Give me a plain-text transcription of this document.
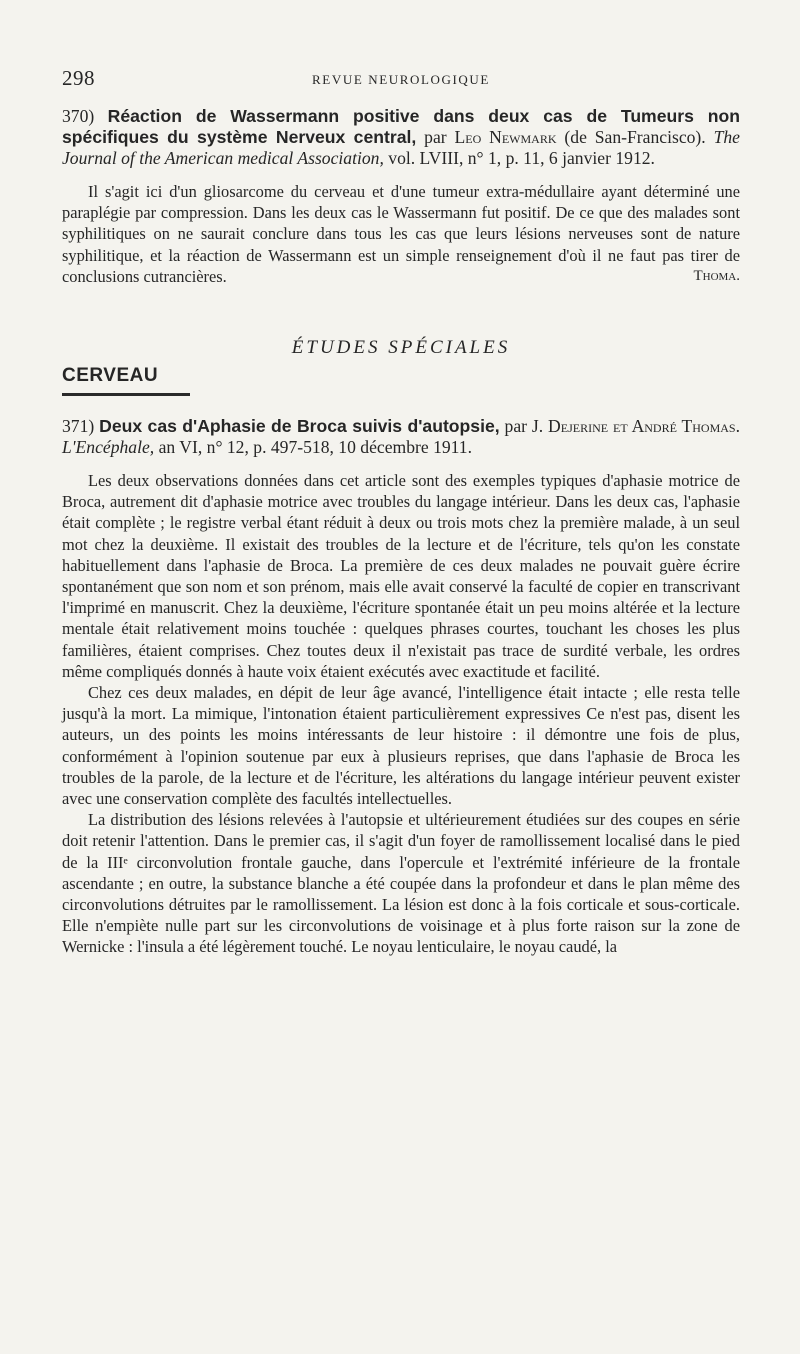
298	REVUE NEUROLOGIQUE
370) Réaction de Wassermann positive dans deux cas de Tumeurs non spécifiques du système Nerveux central, par Leo Newmark (de San-Francisco). The Journal of the American medical Association, vol. LVIII, n° 1, p. 11, 6 janvier 1912.

Il s'agit ici d'un gliosarcome du cerveau et d'une tumeur extra-médullaire ayant déterminé une paraplégie par compression. Dans les deux cas le Wassermann fut positif. De ce que des malades sont syphilitiques on ne saurait conclure dans tous les cas que leurs lésions nerveuses sont de nature syphilitique, et la réaction de Wassermann est un simple renseignement d'où il ne faut pas tirer de conclusions cutrancières.	Thoma.
ÉTUDES SPÉCIALES
CERVEAU
371) Deux cas d'Aphasie de Broca suivis d'autopsie, par J. Dejerine et André Thomas. L'Encéphale, an VI, n° 12, p. 497-518, 10 décembre 1911.

Les deux observations données dans cet article sont des exemples typiques d'aphasie motrice de Broca, autrement dit d'aphasie motrice avec troubles du langage intérieur. Dans les deux cas, l'aphasie était complète ; le registre verbal étant réduit à deux ou trois mots chez la première malade, à un seul mot chez la deuxième. Il existait des troubles de la lecture et de l'écriture, tels qu'on les constate habituellement dans l'aphasie de Broca. La première de ces deux malades ne pouvait guère écrire spontanément que son nom et son prénom, mais elle avait conservé la faculté de copier en transcrivant l'imprimé en manuscrit. Chez la deuxième, l'écriture spontanée était un peu moins altérée et la lecture mentale était relativement moins touchée : quelques phrases courtes, touchant les choses les plus familières, étaient comprises. Chez toutes deux il n'existait pas trace de surdité verbale, les ordres même compliqués donnés à haute voix étaient exécutés avec exactitude et facilité.

Chez ces deux malades, en dépit de leur âge avancé, l'intelligence était intacte ; elle resta telle jusqu'à la mort. La mimique, l'intonation étaient particulièrement expressives Ce n'est pas, disent les auteurs, un des points les moins intéressants de leur histoire : il démontre une fois de plus, conformément à l'opinion soutenue par eux à plusieurs reprises, que dans l'aphasie de Broca les troubles de la parole, de la lecture et de l'écriture, les altérations du langage intérieur peuvent exister avec une conservation complète des facultés intellectuelles.

La distribution des lésions relevées à l'autopsie et ultérieurement étudiées sur des coupes en série doit retenir l'attention. Dans le premier cas, il s'agit d'un foyer de ramollissement localisé dans le pied de la IIIᵉ circonvolution frontale gauche, dans l'opercule et l'extrémité inférieure de la frontale ascendante ; en outre, la substance blanche a été coupée dans la profondeur et dans le plan même des circonvolutions détruites par le ramollissement. La lésion est donc à la fois corticale et sous-corticale. Elle n'empiète nulle part sur les circonvolutions de voisinage et à plus forte raison sur la zone de Wernicke : l'insula a été légèrement touché. Le noyau lenticulaire, le noyau caudé, la
